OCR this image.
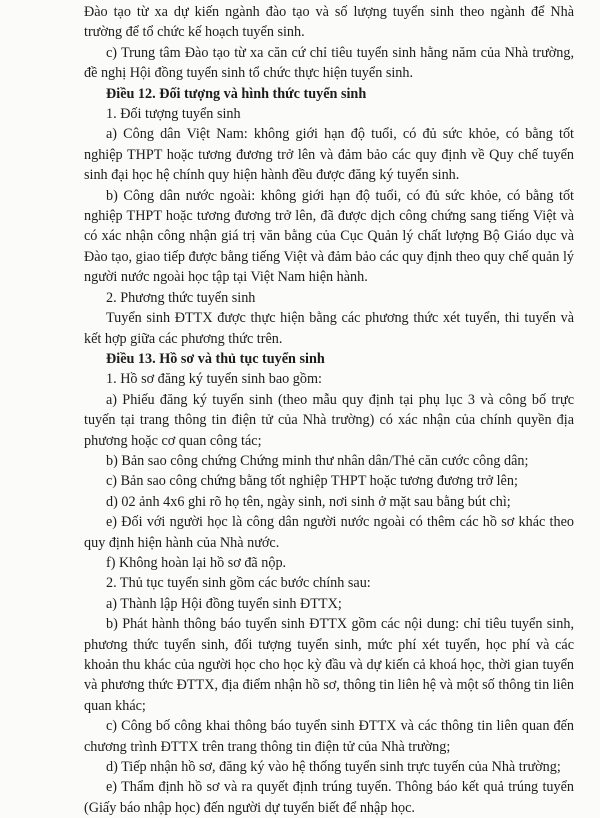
Đào tạo từ xa dự kiến ngành đào tạo và số lượng tuyển sinh theo ngành để Nhà trường để tổ chức kế hoạch tuyển sinh.

c) Trung tâm Đào tạo từ xa căn cứ chỉ tiêu tuyển sinh hằng năm của Nhà trường, đề nghị Hội đồng tuyển sinh tổ chức thực hiện tuyển sinh.

Điều 12. Đối tượng và hình thức tuyển sinh

1. Đối tượng tuyển sinh

a) Công dân Việt Nam: không giới hạn độ tuổi, có đủ sức khỏe, có bằng tốt nghiệp THPT hoặc tương đương trở lên và đảm bảo các quy định về Quy chế tuyển sinh đại học hệ chính quy hiện hành đều được đăng ký tuyển sinh.

b) Công dân nước ngoài: không giới hạn độ tuổi, có đủ sức khỏe, có bằng tốt nghiệp THPT hoặc tương đương trở lên, đã được dịch công chứng sang tiếng Việt và có xác nhận công nhận giá trị văn bằng của Cục Quản lý chất lượng Bộ Giáo dục và Đào tạo, giao tiếp được bằng tiếng Việt và đảm bảo các quy định theo quy chế quản lý người nước ngoài học tập tại Việt Nam hiện hành.

2. Phương thức tuyển sinh

Tuyển sinh ĐTTX được thực hiện bằng các phương thức xét tuyển, thi tuyển và kết hợp giữa các phương thức trên.

Điều 13. Hồ sơ và thủ tục tuyển sinh

1. Hồ sơ đăng ký tuyển sinh bao gồm:

a) Phiếu đăng ký tuyển sinh (theo mẫu quy định tại phụ lục 3 và công bố trực tuyến tại trang thông tin điện tử của Nhà trường) có xác nhận của chính quyền địa phương hoặc cơ quan công tác;

b) Bản sao công chứng Chứng minh thư nhân dân/Thẻ căn cước công dân;

c) Bản sao công chứng bằng tốt nghiệp THPT hoặc tương đương trở lên;

d) 02 ảnh 4x6 ghi rõ họ tên, ngày sinh, nơi sinh ở mặt sau bằng bút chì;

e) Đối với người học là công dân người nước ngoài có thêm các hồ sơ khác theo quy định hiện hành của Nhà nước.

f) Không hoàn lại hồ sơ đã nộp.

2. Thủ tục tuyển sinh gồm các bước chính sau:

a) Thành lập Hội đồng tuyển sinh ĐTTX;

b) Phát hành thông báo tuyển sinh ĐTTX gồm các nội dung: chỉ tiêu tuyển sinh, phương thức tuyển sinh, đối tượng tuyển sinh, mức phí xét tuyển, học phí và các khoản thu khác của người học cho học kỳ đầu và dự kiến cả khoá học, thời gian tuyển và phương thức ĐTTX, địa điểm nhận hồ sơ, thông tin liên hệ và một số thông tin liên quan khác;

c) Công bố công khai thông báo tuyển sinh ĐTTX và các thông tin liên quan đến chương trình ĐTTX trên trang thông tin điện tử của Nhà trường;

d) Tiếp nhận hồ sơ, đăng ký vào hệ thống tuyển sinh trực tuyến của Nhà trường;

e) Thẩm định hồ sơ và ra quyết định trúng tuyển. Thông báo kết quả trúng tuyển (Giấy báo nhập học) đến người dự tuyển biết để nhập học.
